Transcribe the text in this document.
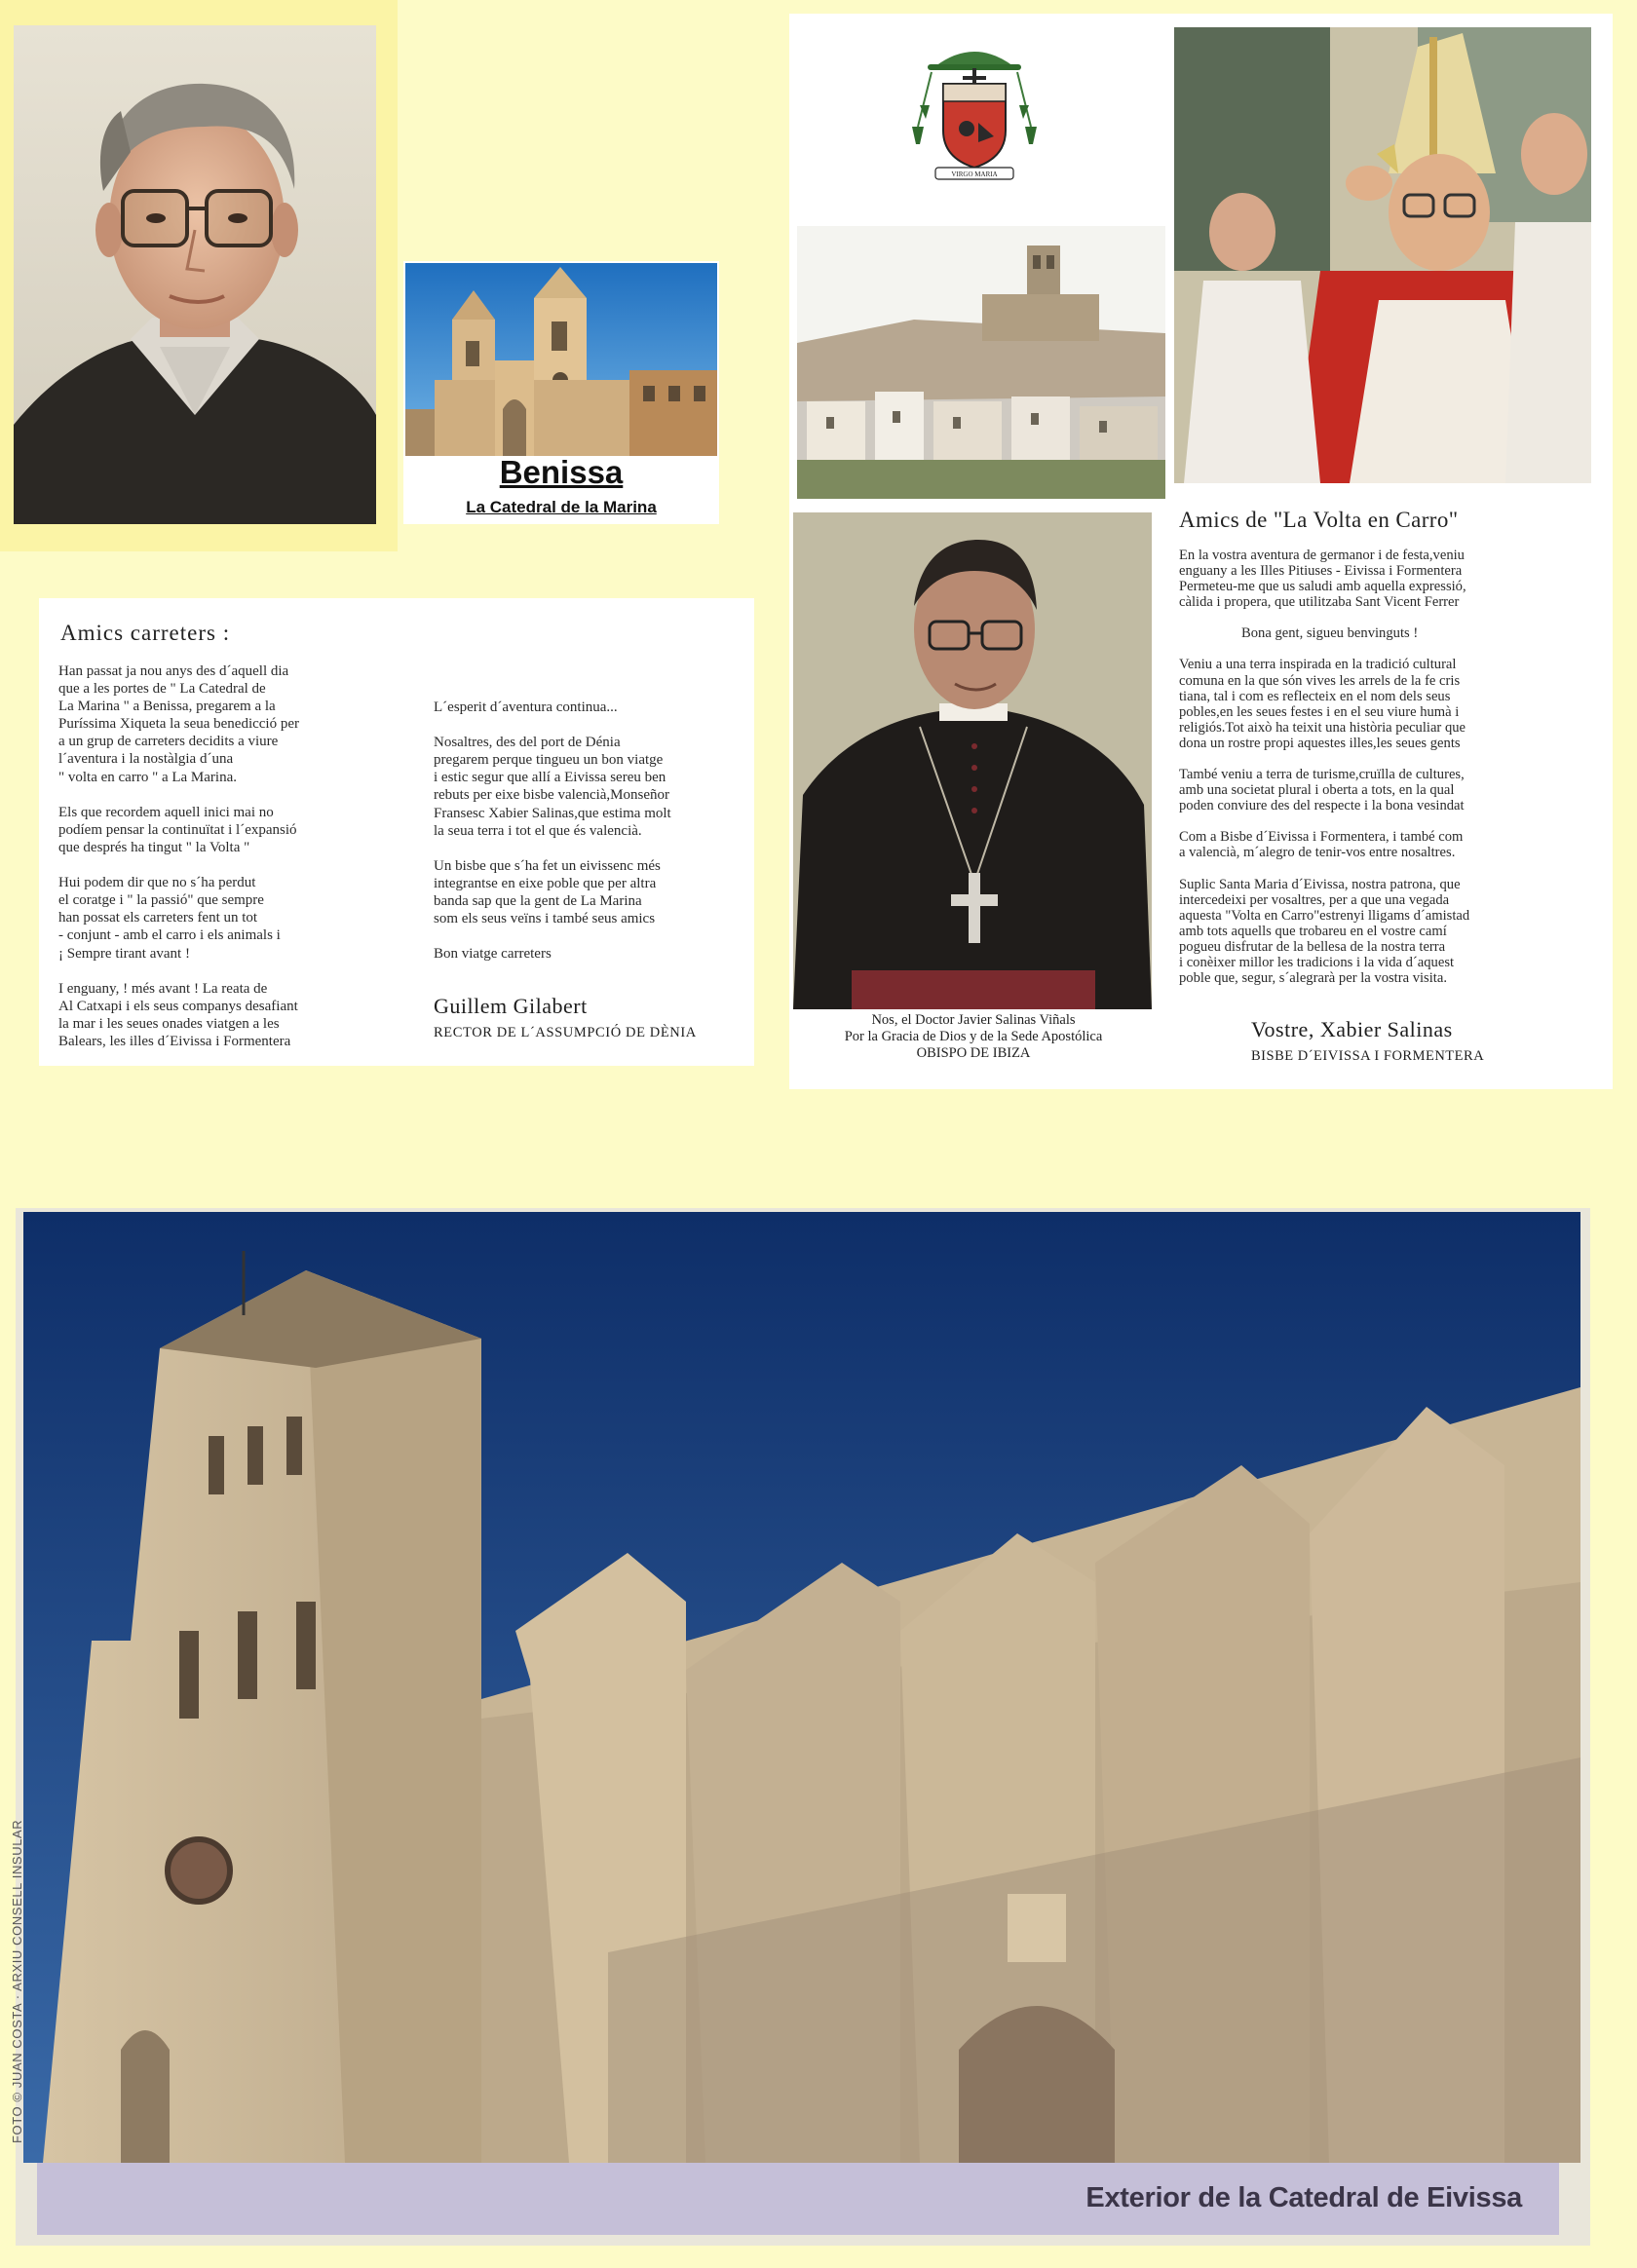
Benissa
La Catedral de la Marina
Amics carreters :

Han passat ja nou anys des d´aquell dia
que a les portes de " La Catedral de
La Marina " a Benissa, pregarem a la
Puríssima Xiqueta la seua benedicció per
a un grup de carreters decidits a viure
l´aventura i la nostàlgia d´una
" volta en carro " a La Marina.

Els que recordem aquell inici mai no
podíem pensar la continuïtat i l´expansió
que després ha tingut " la Volta "

Hui podem dir que no s´ha perdut
el coratge i " la passió" que sempre
han possat els carreters fent un tot
- conjunt - amb el carro i els animals i
¡ Sempre tirant avant !

I enguany, ! més avant ! La reata de
Al Catxapi i els seus companys desafiant
la mar i les seues onades viatgen a les
Balears, les illes d´Eivissa i Formentera

L´esperit d´aventura continua...

Nosaltres, des del port de Dénia
pregarem perque tingueu un bon viatge
i estic segur que allí a Eivissa sereu ben
rebuts per eixe bisbe valencià,Monseñor
Fransesc Xabier Salinas,que estima molt
la seua terra i tot el que és valencià.

Un bisbe que s´ha fet un eivissenc més
integrantse en eixe poble que per altra
banda sap que la gent de La Marina
som els seus veïns i també seus amics

Bon viatge carreters

Guillem Gilabert
RECTOR DE L´ASSUMPCIÓ DE DÈNIA
VIRGO MARIA
Amics de "La Volta en Carro"

En la vostra aventura de germanor i de festa,veniu
enguany a les Illes Pitiuses - Eivissa i Formentera
Permeteu-me que us saludi amb aquella expressió,
càlida i propera, que utilitzaba Sant Vicent Ferrer

Bona gent, sigueu benvinguts !

Veniu a una terra inspirada en la tradició cultural
comuna en la que són vives les arrels de la fe cris
tiana, tal i com es reflecteix en el nom dels seus
pobles,en les seues festes i en el seu viure humà i
religiós.Tot això ha teixit una història peculiar que
dona un rostre propi aquestes illes,les seues gents

També veniu a terra de turisme,cruïlla de cultures,
amb una societat plural i oberta a tots, en la qual
poden conviure des del respecte i la bona vesindat

Com a Bisbe d´Eivissa i Formentera, i també com
a valencià, m´alegro de tenir-vos entre nosaltres.

Suplic Santa Maria d´Eivissa, nostra patrona, que
intercedeixi per vosaltres, per a que una vegada
aquesta "Volta en Carro"estrenyi lligams d´amistad
amb tots aquells que trobareu en el vostre camí
pogueu disfrutar de la bellesa de la nostra terra
i conèixer millor les tradicions i la vida d´aquest
poble que, segur, s´alegrarà per la vostra visita.

Nos, el Doctor Javier Salinas Viñals
Por la Gracia de Dios y de la Sede Apostólica
OBISPO DE IBIZA
Vostre, Xabier Salinas
BISBE D´EIVISSA I FORMENTERA
Exterior de la Catedral de Eivissa
FOTO © JUAN COSTA · ARXIU CONSELL INSULAR
